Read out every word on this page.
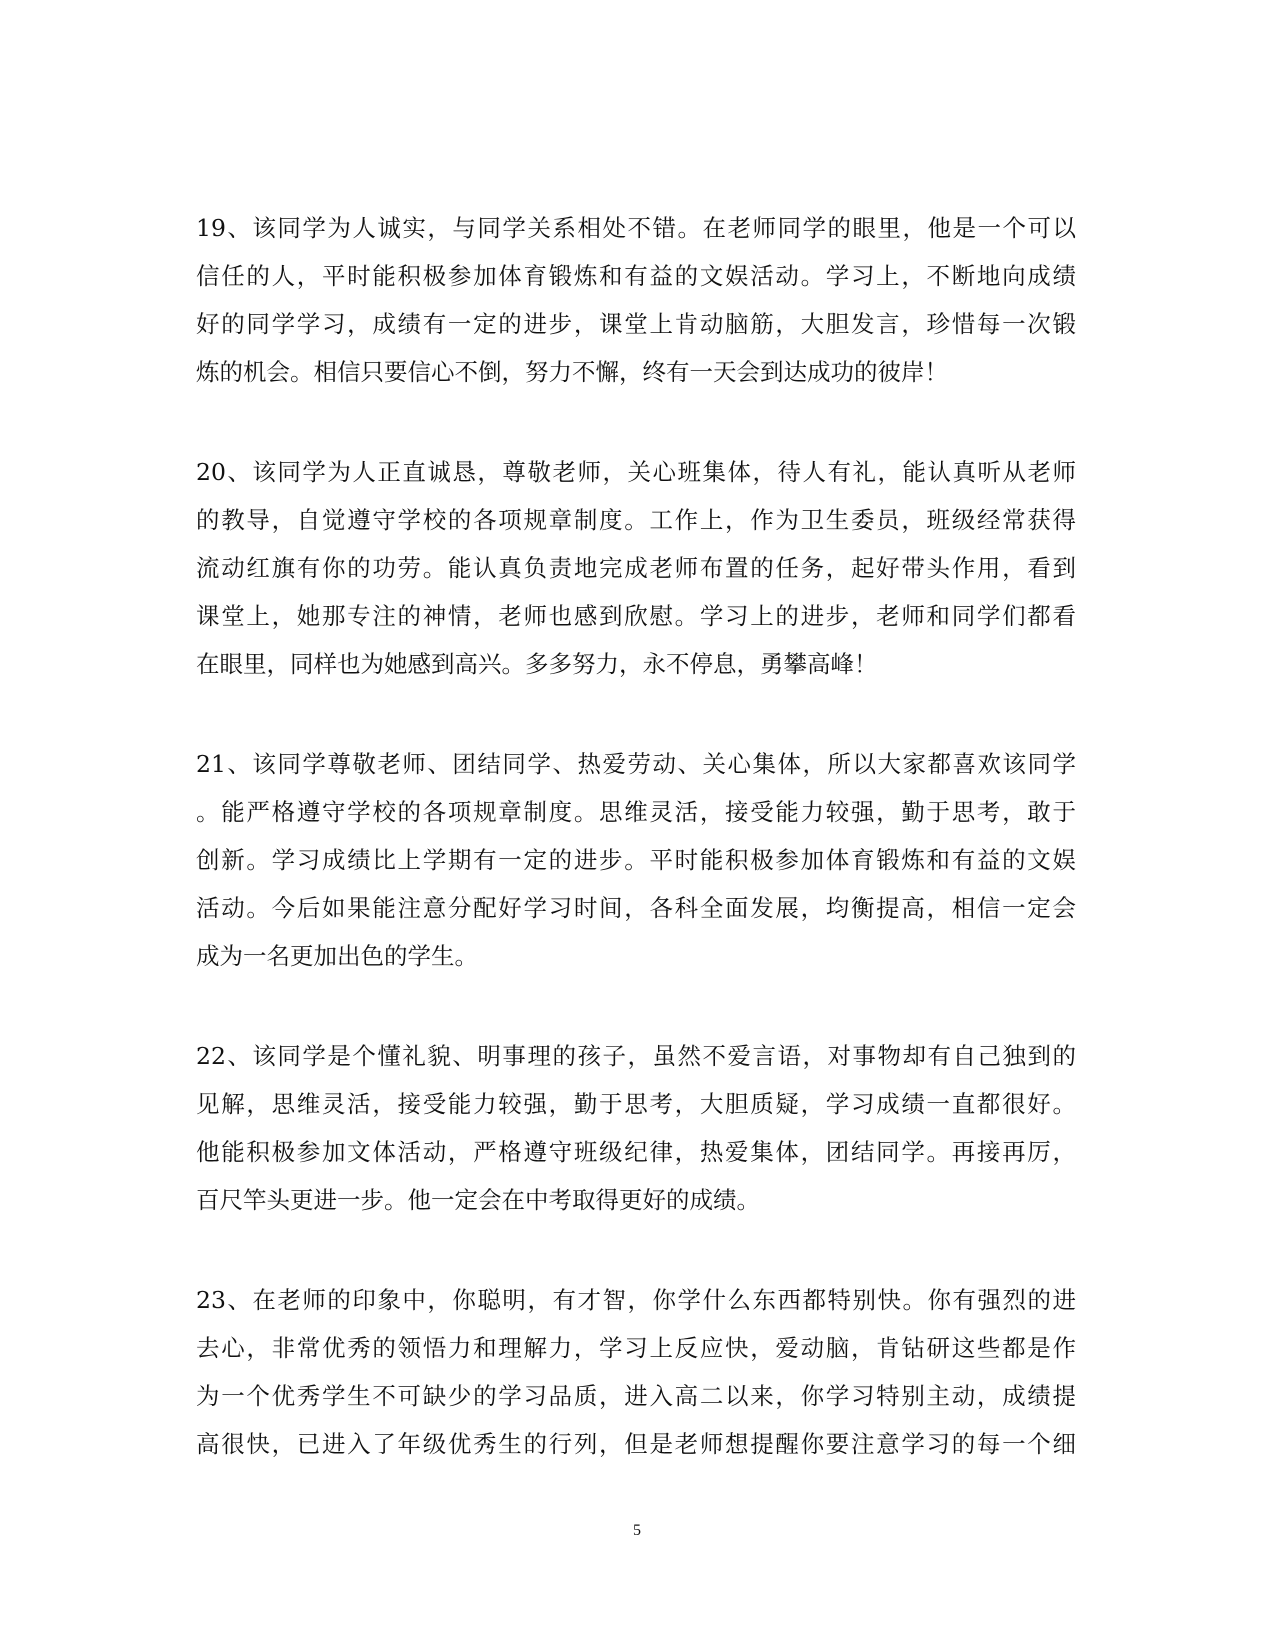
19、该同学为人诚实，与同学关系相处不错。在老师同学的眼里，他是一个可以
信任的人，平时能积极参加体育锻炼和有益的文娱活动。学习上，不断地向成绩
好的同学学习，成绩有一定的进步，课堂上肯动脑筋，大胆发言，珍惜每一次锻
炼的机会。相信只要信心不倒，努力不懈，终有一天会到达成功的彼岸！
20、该同学为人正直诚恳，尊敬老师，关心班集体，待人有礼，能认真听从老师
的教导，自觉遵守学校的各项规章制度。工作上，作为卫生委员，班级经常获得
流动红旗有你的功劳。能认真负责地完成老师布置的任务，起好带头作用，看到
课堂上，她那专注的神情，老师也感到欣慰。学习上的进步，老师和同学们都看
在眼里，同样也为她感到高兴。多多努力，永不停息，勇攀高峰！
21、该同学尊敬老师、团结同学、热爱劳动、关心集体，所以大家都喜欢该同学
。能严格遵守学校的各项规章制度。思维灵活，接受能力较强，勤于思考，敢于
创新。学习成绩比上学期有一定的进步。平时能积极参加体育锻炼和有益的文娱
活动。今后如果能注意分配好学习时间，各科全面发展，均衡提高，相信一定会
成为一名更加出色的学生。
22、该同学是个懂礼貌、明事理的孩子，虽然不爱言语，对事物却有自己独到的
见解，思维灵活，接受能力较强，勤于思考，大胆质疑，学习成绩一直都很好。
他能积极参加文体活动，严格遵守班级纪律，热爱集体，团结同学。再接再厉，
百尺竿头更进一步。他一定会在中考取得更好的成绩。
23、在老师的印象中，你聪明，有才智，你学什么东西都特别快。你有强烈的进
去心，非常优秀的领悟力和理解力，学习上反应快，爱动脑，肯钻研这些都是作
为一个优秀学生不可缺少的学习品质，进入高二以来，你学习特别主动，成绩提
高很快，已进入了年级优秀生的行列，但是老师想提醒你要注意学习的每一个细
5
